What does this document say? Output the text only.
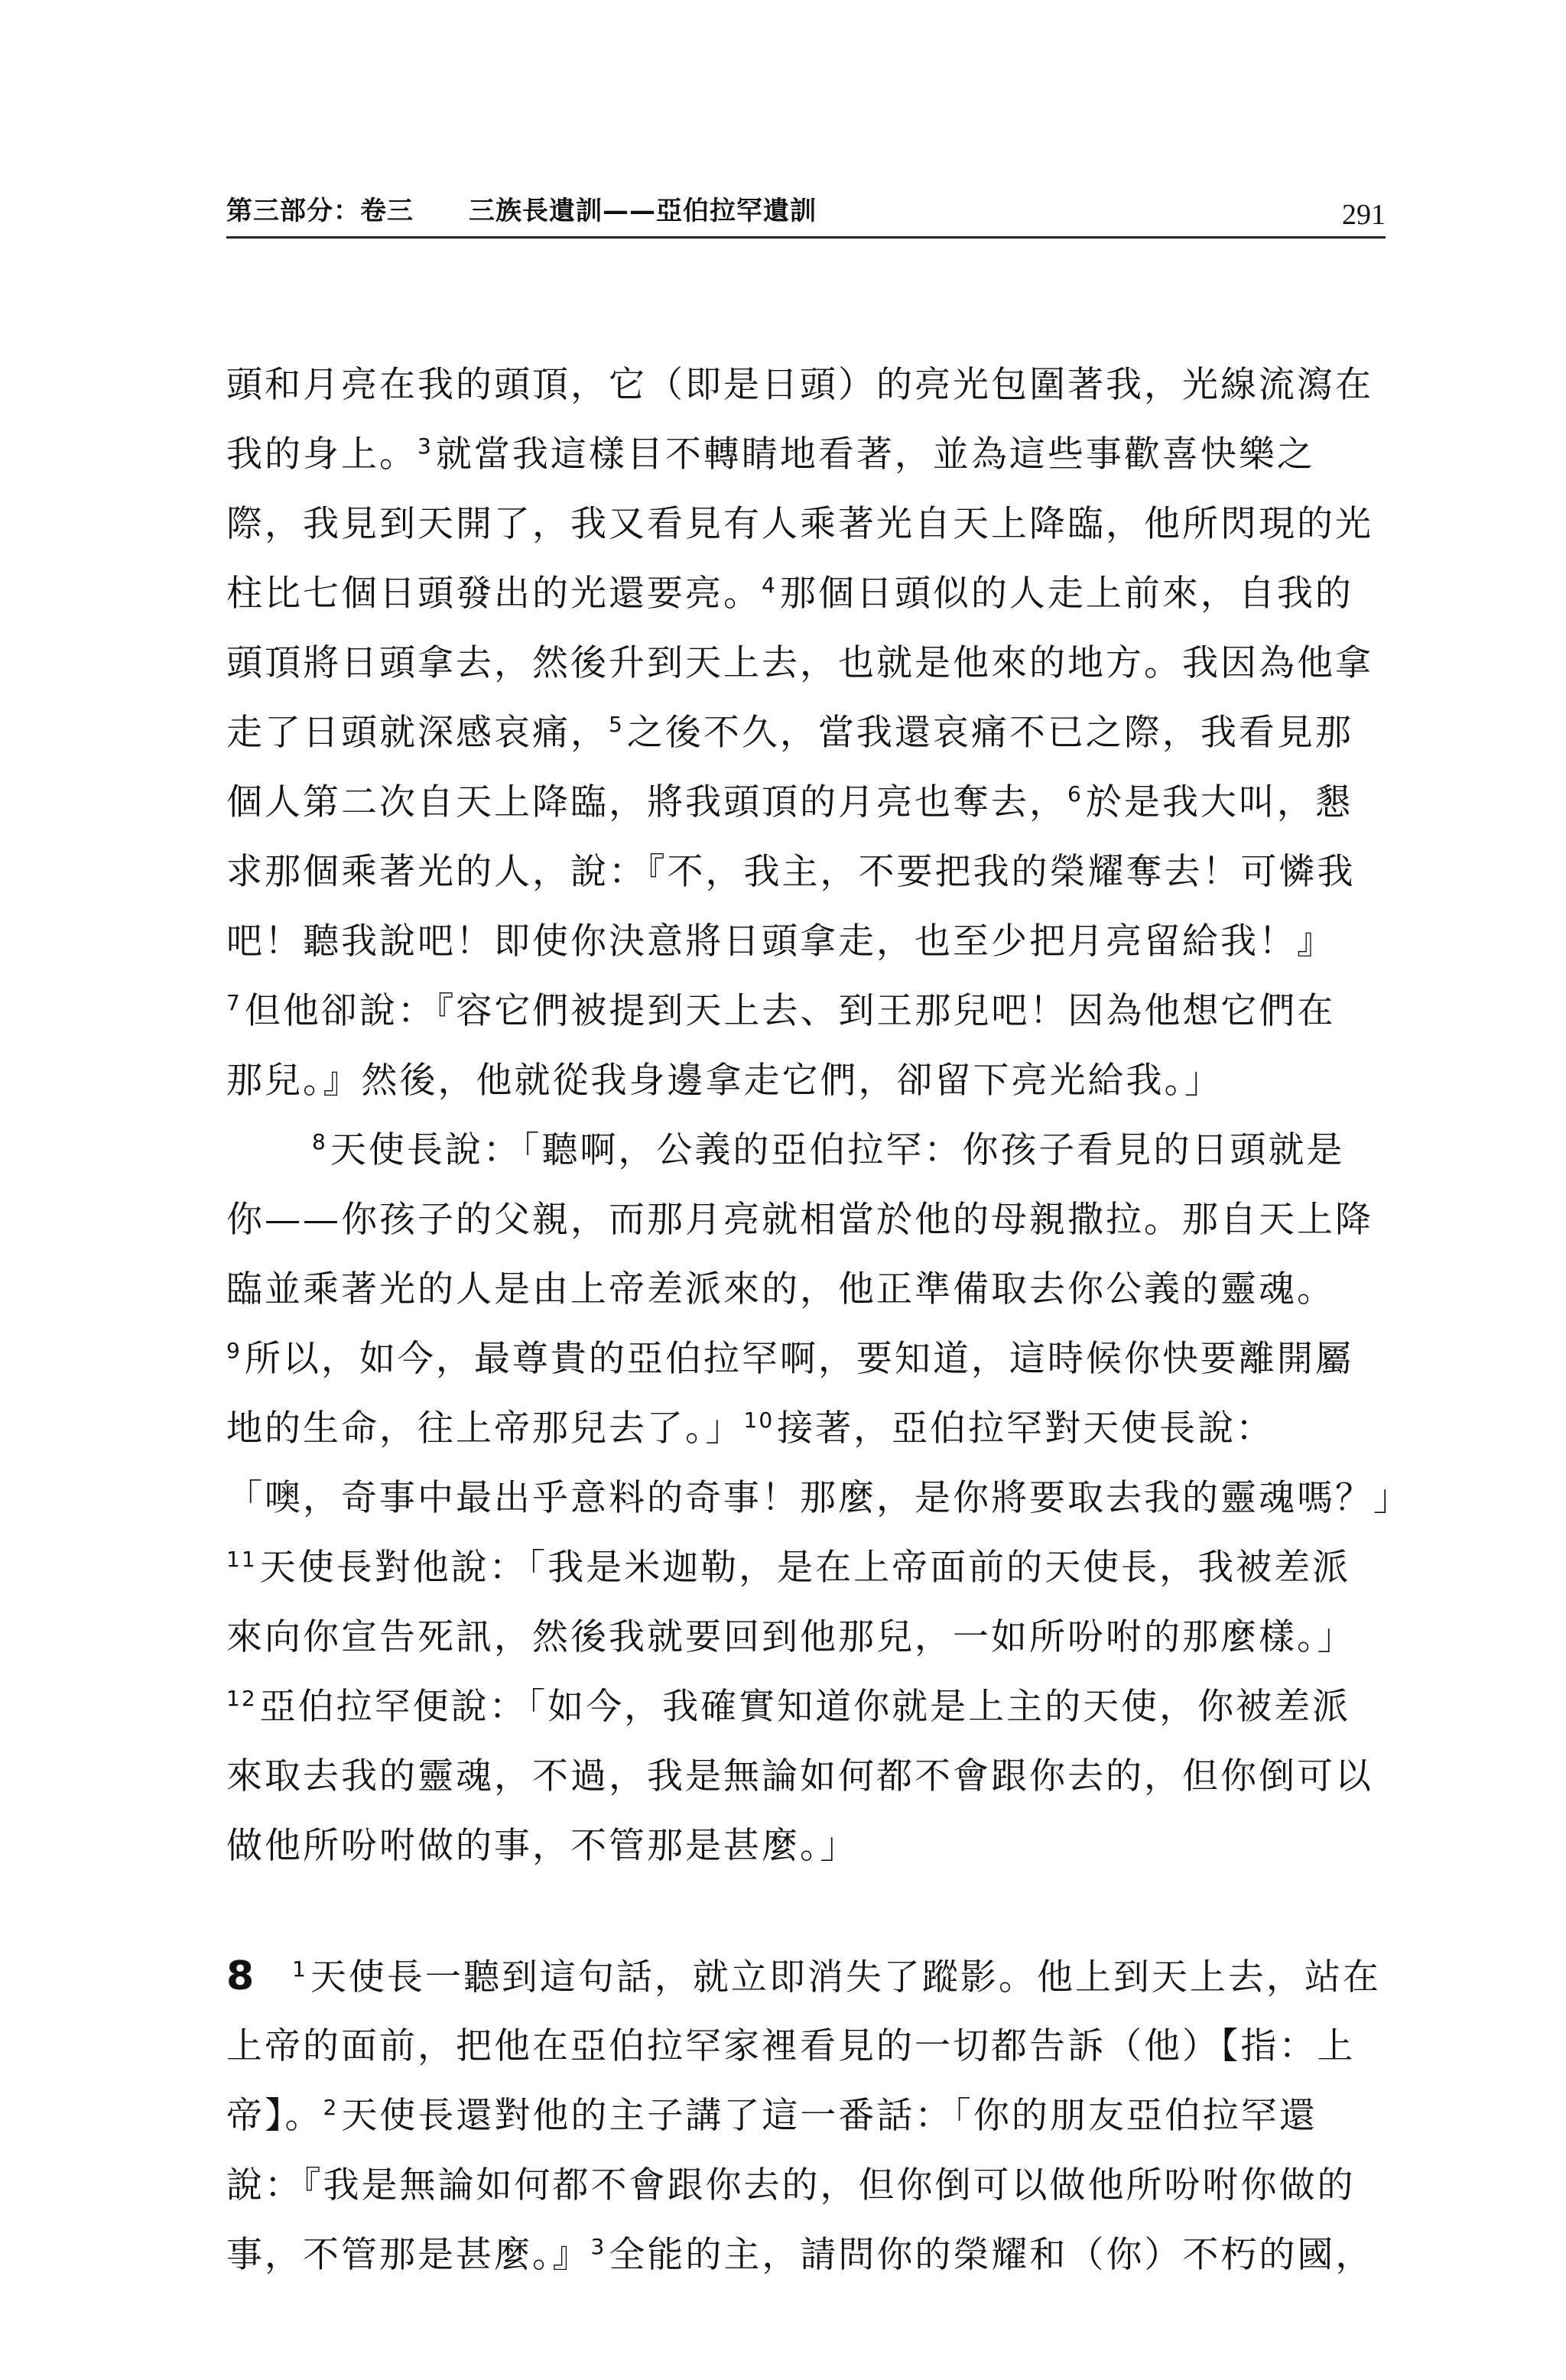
第三部分：卷三 三族長遺訓——亞伯拉罕遺訓	291
頭和月亮在我的頭頂，它（即是日頭）的亮光包圍著我，光線流瀉在
我的身上。$^3$就當我這樣目不轉睛地看著，並為這些事歡喜快樂之
際，我見到天開了，我又看見有人乘著光自天上降臨，他所閃現的光
柱比七個日頭發出的光還要亮。$^4$那個日頭似的人走上前來，自我的
頭頂將日頭拿去，然後升到天上去，也就是他來的地方。我因為他拿
走了日頭就深感哀痛，$^5$之後不久，當我還哀痛不已之際，我看見那
個人第二次自天上降臨，將我頭頂的月亮也奪去，$^6$於是我大叫，懇
求那個乘著光的人，說：『不，我主，不要把我的榮耀奪去！可憐我
吧！聽我說吧！即使你決意將日頭拿走，也至少把月亮留給我！』
$^7$但他卻說：『容它們被提到天上去、到王那兒吧！因為他想它們在
那兒。』然後，他就從我身邊拿走它們，卻留下亮光給我。」
$^8$天使長說：「聽啊，公義的亞伯拉罕：你孩子看見的日頭就是
你——你孩子的父親，而那月亮就相當於他的母親撒拉。那自天上降
臨並乘著光的人是由上帝差派來的，他正準備取去你公義的靈魂。
$^9$所以，如今，最尊貴的亞伯拉罕啊，要知道，這時候你快要離開屬
地的生命，往上帝那兒去了。」$^{10}$接著，亞伯拉罕對天使長說：
「噢，奇事中最出乎意料的奇事！那麼，是你將要取去我的靈魂嗎？」
$^{11}$天使長對他說：「我是米迦勒，是在上帝面前的天使長，我被差派
來向你宣告死訊，然後我就要回到他那兒，一如所吩咐的那麼樣。」
$^{12}$亞伯拉罕便說：「如今，我確實知道你就是上主的天使，你被差派
來取去我的靈魂，不過，我是無論如何都不會跟你去的，但你倒可以
做他所吩咐做的事，不管那是甚麼。」
8 $^1$天使長一聽到這句話，就立即消失了蹤影。他上到天上去，站在
上帝的面前，把他在亞伯拉罕家裡看見的一切都告訴（他）【指：上
帝】。$^2$天使長還對他的主子講了這一番話：「你的朋友亞伯拉罕還
說：『我是無論如何都不會跟你去的，但你倒可以做他所吩咐你做的
事，不管那是甚麼。』$^3$全能的主，請問你的榮耀和（你）不朽的國，
